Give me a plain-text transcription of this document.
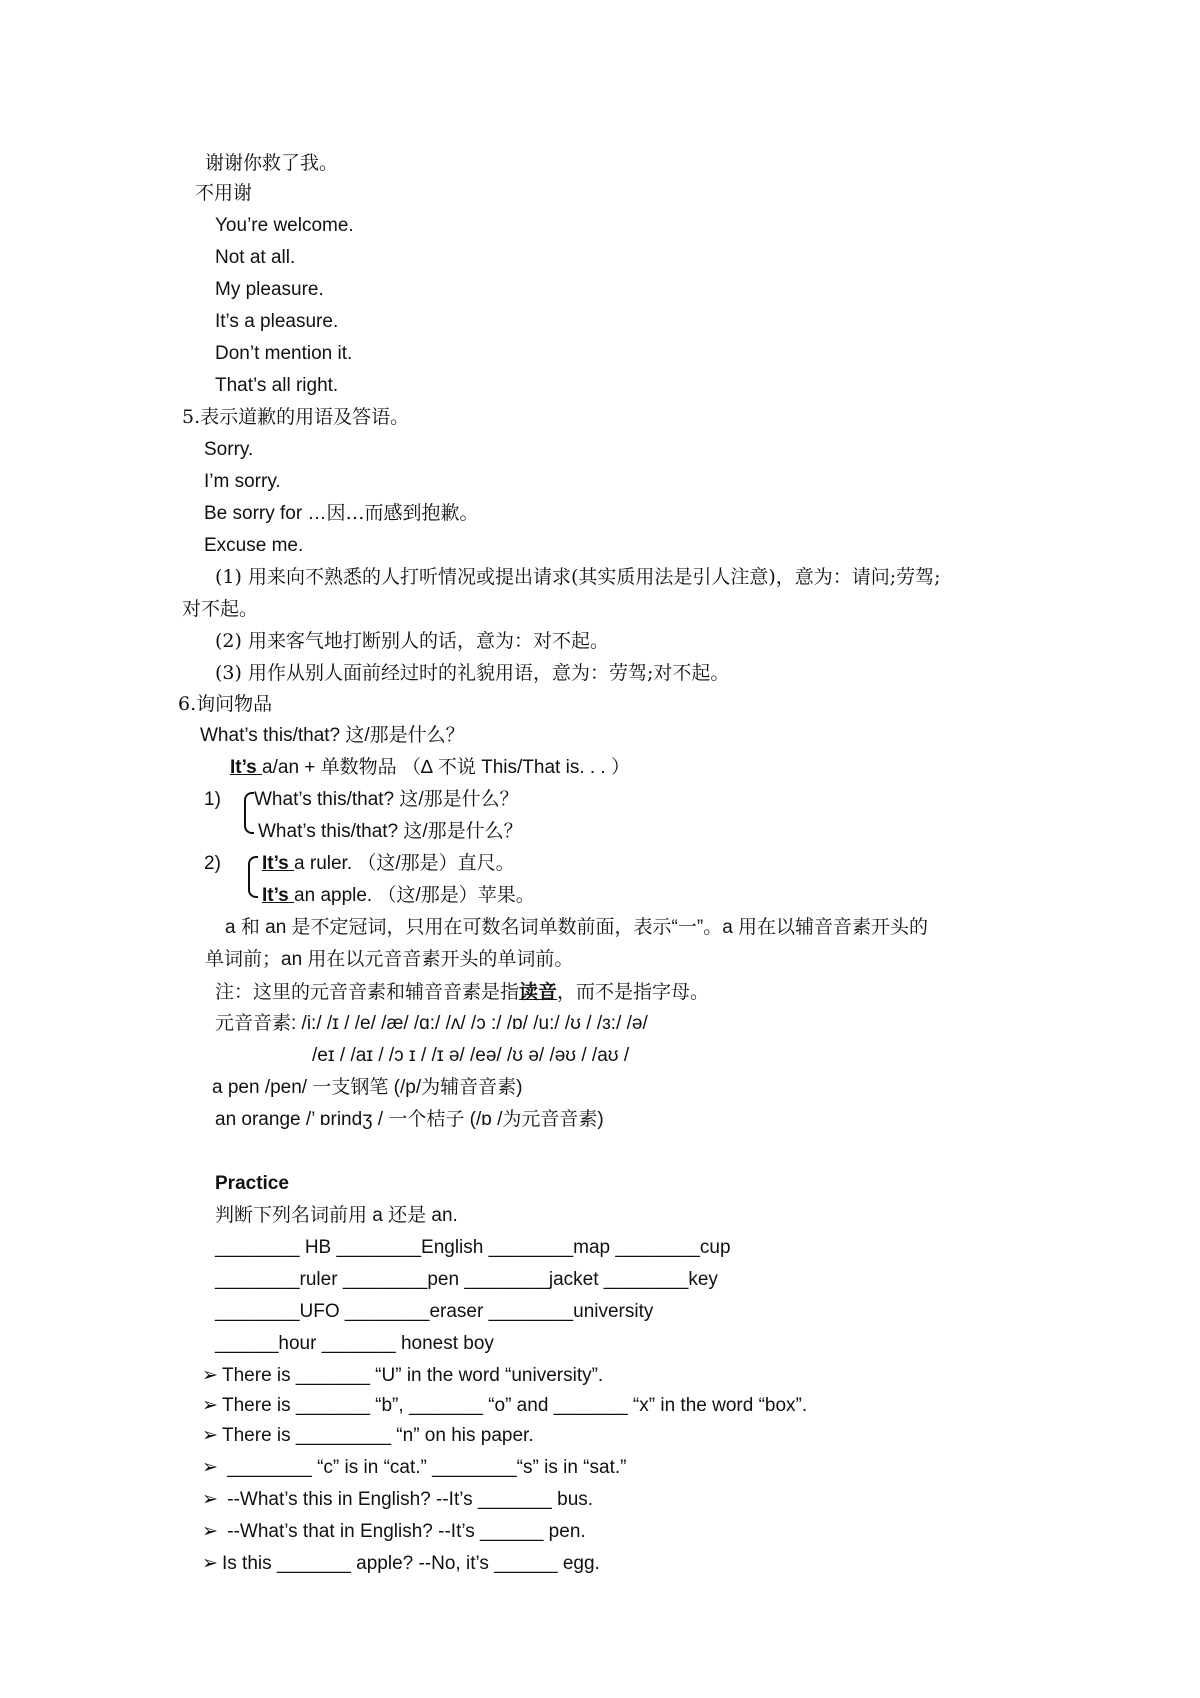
谢谢你救了我。
不用谢
You’re welcome.
Not at all.
My pleasure.
It’s a pleasure.
Don’t mention it.
That’s all right.
5.表示道歉的用语及答语。
Sorry.
I’m sorry.
Be sorry for …因…而感到抱歉。
Excuse me.
(1) 用来向不熟悉的人打听情况或提出请求(其实质用法是引人注意)，意为：请问;劳驾;
对不起。
(2) 用来客气地打断别人的话，意为：对不起。
(3) 用作从别人面前经过时的礼貌用语，意为：劳驾;对不起。
6.询问物品
What’s this/that? 这/那是什么？
It’s a/an + 单数物品 （∆ 不说 This/That is. . . ）
1) What’s this/that? 这/那是什么？
What’s this/that? 这/那是什么？
2) It’s a ruler. （这/那是）直尺。
It’s an apple. （这/那是）苹果。
a 和 an 是不定冠词，只用在可数名词单数前面，表示“一”。a 用在以辅音音素开头的
单词前；an 用在以元音音素开头的单词前。
注：这里的元音音素和辅音音素是指读音，而不是指字母。
元音音素: /i:/ /ɪ / /e/ /æ/ /ɑ:/ /ʌ/ /ɔ :/ /ɒ/ /u:/ /ʊ / /ɜ:/ /ə/
/eɪ / /aɪ / /ɔ ɪ / /ɪ ə/ /eə/ /ʊ ə/ /əʊ / /aʊ /
a pen /pen/ 一支钢笔 (/p/为辅音音素)
an orange /’ ɒrindʒ / 一个桔子 (/ɒ /为元音音素)
Practice
判断下列名词前用 a 还是 an.
________ HB ________English ________map ________cup
________ruler ________pen ________jacket ________key
________UFO ________eraser ________university
______hour _______ honest boy
➢ There is _______ “U” in the word “university”.
➢ There is _______ “b”, _______ “o” and _______ “x” in the word “box”.
➢ There is _________ “n” on his paper.
➢ ________ “c” is in “cat.” ________“s” is in “sat.”
➢ --What’s this in English? --It’s _______ bus.
➢ --What’s that in English? --It’s ______ pen.
➢ Is this _______ apple? --No, it’s ______ egg.
